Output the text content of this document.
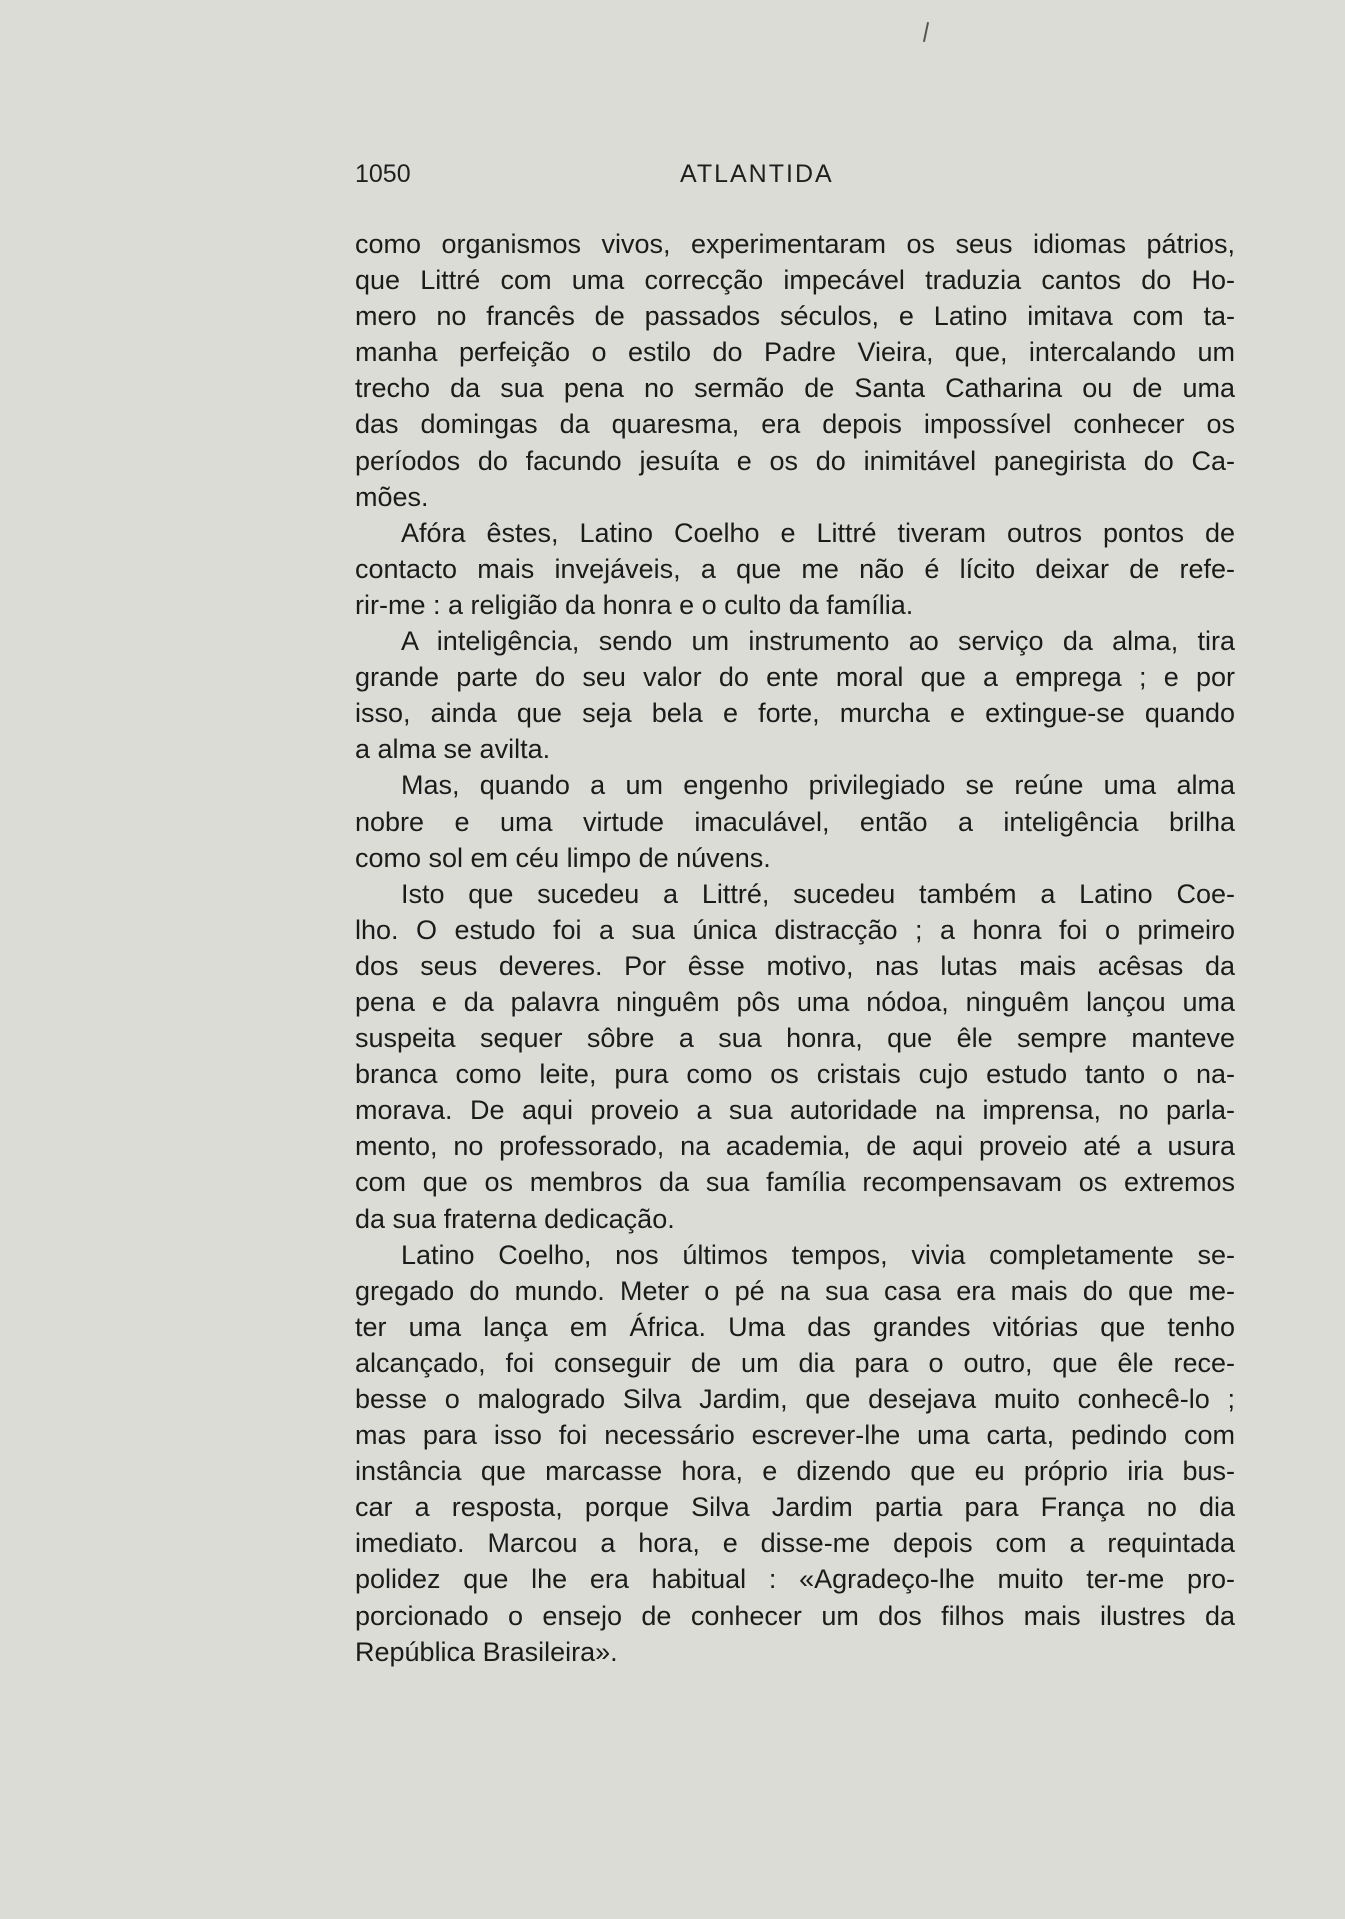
1050	ATLANTIDA
como organismos vivos, experimentaram os seus idiomas pátrios,
que Littré com uma correcção impecável traduzia cantos do Ho-
mero no francês de passados séculos, e Latino imitava com ta-
manha perfeição o estilo do Padre Vieira, que, intercalando um
trecho da sua pena no sermão de Santa Catharina ou de uma
das domingas da quaresma, era depois impossível conhecer os
períodos do facundo jesuíta e os do inimitável panegirista do Ca-
mões.
Afóra êstes, Latino Coelho e Littré tiveram outros pontos de
contacto mais invejáveis, a que me não é lícito deixar de refe-
rir-me : a religião da honra e o culto da família.
A inteligência, sendo um instrumento ao serviço da alma, tira
grande parte do seu valor do ente moral que a emprega ; e por
isso, ainda que seja bela e forte, murcha e extingue-se quando
a alma se avilta.
Mas, quando a um engenho privilegiado se reúne uma alma
nobre e uma virtude imaculável, então a inteligência brilha
como sol em céu limpo de núvens.
Isto que sucedeu a Littré, sucedeu também a Latino Coe-
lho. O estudo foi a sua única distracção ; a honra foi o primeiro
dos seus deveres. Por êsse motivo, nas lutas mais acêsas da
pena e da palavra ninguêm pôs uma nódoa, ninguêm lançou uma
suspeita sequer sôbre a sua honra, que êle sempre manteve
branca como leite, pura como os cristais cujo estudo tanto o na-
morava. De aqui proveio a sua autoridade na imprensa, no parla-
mento, no professorado, na academia, de aqui proveio até a usura
com que os membros da sua família recompensavam os extremos
da sua fraterna dedicação.
Latino Coelho, nos últimos tempos, vivia completamente se-
gregado do mundo. Meter o pé na sua casa era mais do que me-
ter uma lança em África. Uma das grandes vitórias que tenho
alcançado, foi conseguir de um dia para o outro, que êle rece-
besse o malogrado Silva Jardim, que desejava muito conhecê-lo ;
mas para isso foi necessário escrever-lhe uma carta, pedindo com
instância que marcasse hora, e dizendo que eu próprio iria bus-
car a resposta, porque Silva Jardim partia para França no dia
imediato. Marcou a hora, e disse-me depois com a requintada
polidez que lhe era habitual : «Agradeço-lhe muito ter-me pro-
porcionado o ensejo de conhecer um dos filhos mais ilustres da
República Brasileira».
